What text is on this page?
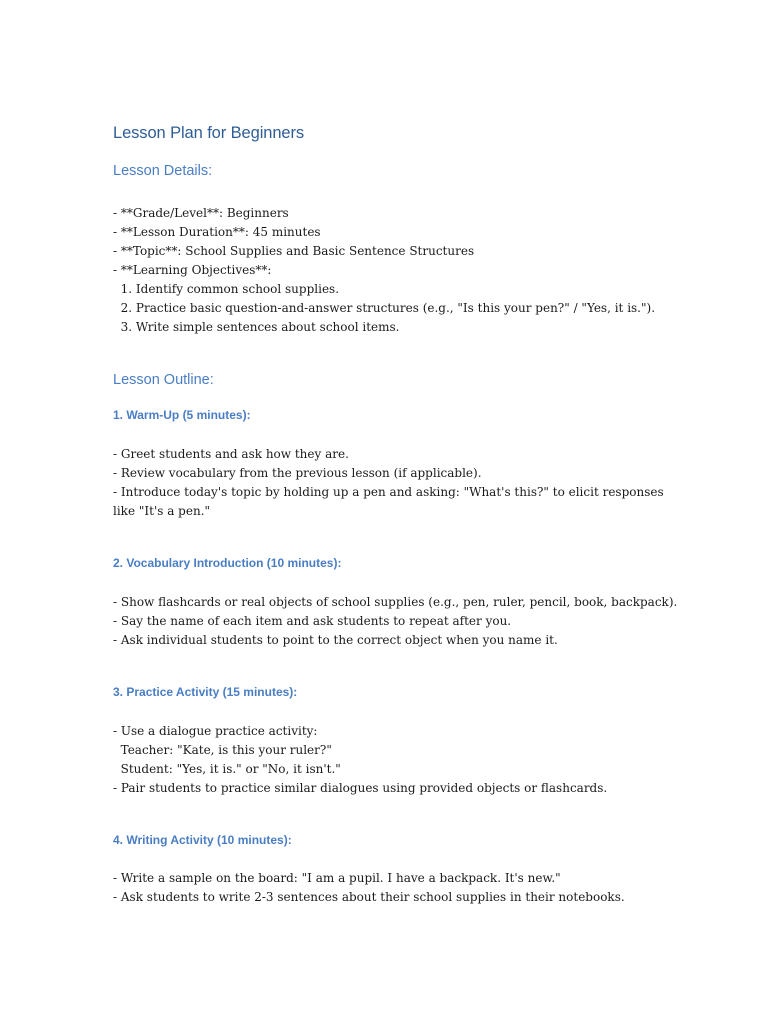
Lesson Plan for Beginners
Lesson Details:
- **Grade/Level**: Beginners
- **Lesson Duration**: 45 minutes
- **Topic**: School Supplies and Basic Sentence Structures
- **Learning Objectives**:
1. Identify common school supplies.
2. Practice basic question-and-answer structures (e.g., "Is this your pen?" / "Yes, it is.").
3. Write simple sentences about school items.
Lesson Outline:
1. Warm-Up (5 minutes):
- Greet students and ask how they are.
- Review vocabulary from the previous lesson (if applicable).
- Introduce today's topic by holding up a pen and asking: "What's this?" to elicit responses
like "It's a pen."
2. Vocabulary Introduction (10 minutes):
- Show flashcards or real objects of school supplies (e.g., pen, ruler, pencil, book, backpack).
- Say the name of each item and ask students to repeat after you.
- Ask individual students to point to the correct object when you name it.
3. Practice Activity (15 minutes):
- Use a dialogue practice activity:
Teacher: "Kate, is this your ruler?"
Student: "Yes, it is." or "No, it isn't."
- Pair students to practice similar dialogues using provided objects or flashcards.
4. Writing Activity (10 minutes):
- Write a sample on the board: "I am a pupil. I have a backpack. It's new."
- Ask students to write 2-3 sentences about their school supplies in their notebooks.
